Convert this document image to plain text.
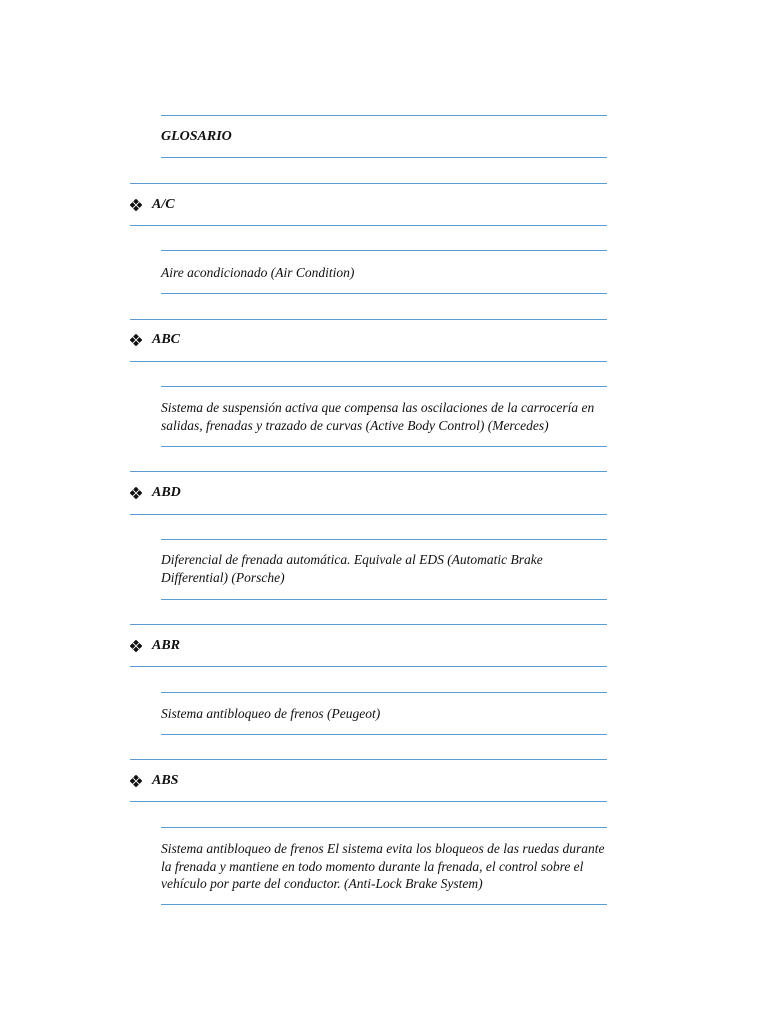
GLOSARIO
A/C
Aire acondicionado (Air Condition)
ABC
Sistema de suspensión activa que compensa las oscilaciones de la carrocería en salidas, frenadas y trazado de curvas (Active Body Control) (Mercedes)
ABD
Diferencial de frenada automática. Equivale al EDS (Automatic Brake Differential) (Porsche)
ABR
Sistema antibloqueo de frenos (Peugeot)
ABS
Sistema antibloqueo de frenos El sistema evita los bloqueos de las ruedas durante la frenada y mantiene en todo momento durante la frenada, el control sobre el vehículo por parte del conductor. (Anti-Lock Brake System)
